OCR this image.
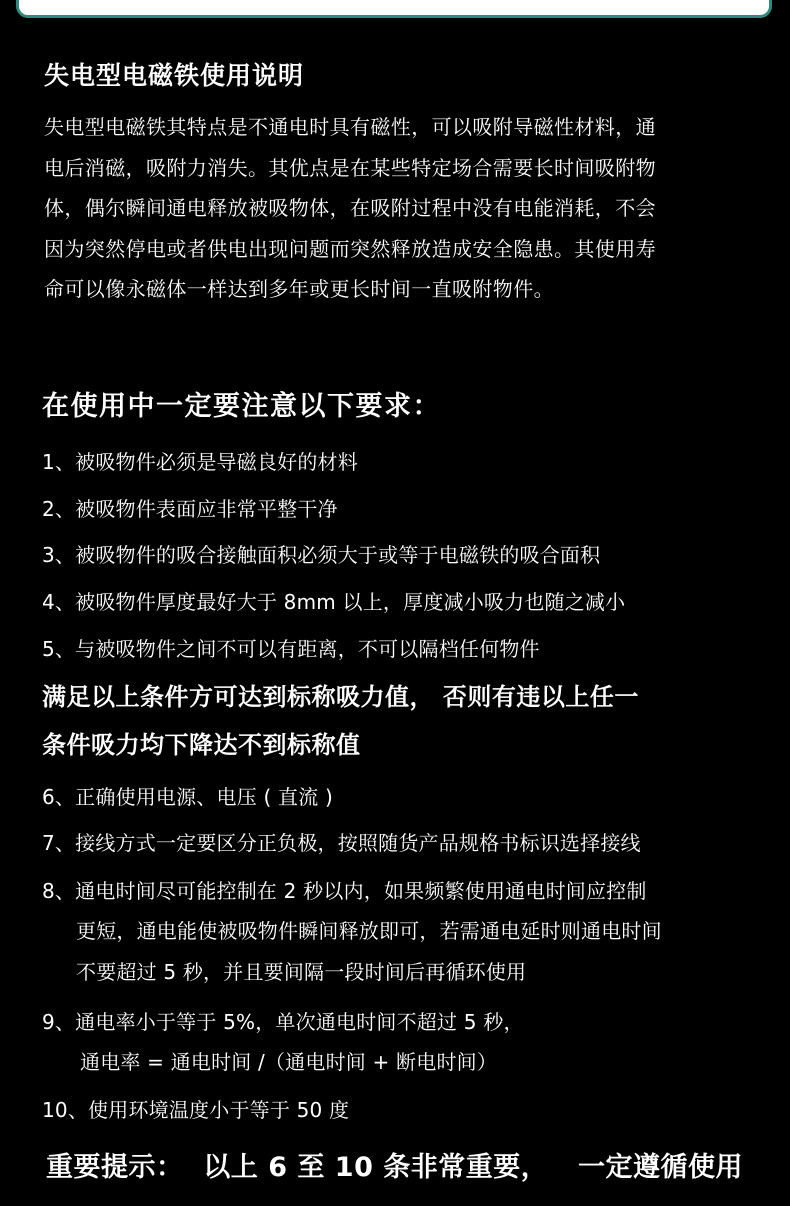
失电型电磁铁使用说明
失电型电磁铁其特点是不通电时具有磁性，可以吸附导磁性材料，通
电后消磁，吸附力消失。其优点是在某些特定场合需要长时间吸附物
体，偶尔瞬间通电释放被吸物体，在吸附过程中没有电能消耗，不会
因为突然停电或者供电出现问题而突然释放造成安全隐患。其使用寿
命可以像永磁体一样达到多年或更长时间一直吸附物件。
在使用中一定要注意以下要求：
1、被吸物件必须是导磁良好的材料
2、被吸物件表面应非常平整干净
3、被吸物件的吸合接触面积必须大于或等于电磁铁的吸合面积
4、被吸物件厚度最好大于 8mm 以上，厚度减小吸力也随之减小
5、与被吸物件之间不可以有距离，不可以隔档任何物件
满足以上条件方可达到标称吸力值， 否则有违以上任一
条件吸力均下降达不到标称值
6、正确使用电源、电压 ( 直流 )
7、接线方式一定要区分正负极，按照随货产品规格书标识选择接线
8、通电时间尽可能控制在 2 秒以内，如果频繁使用通电时间应控制
更短，通电能使被吸物件瞬间释放即可，若需通电延时则通电时间
不要超过 5 秒，并且要间隔一段时间后再循环使用
9、通电率小于等于 5%，单次通电时间不超过 5 秒，
通电率 = 通电时间 /（通电时间 + 断电时间）
10、使用环境温度小于等于 50 度
重要提示：  以上 6 至 10 条非常重要，   一定遵循使用
